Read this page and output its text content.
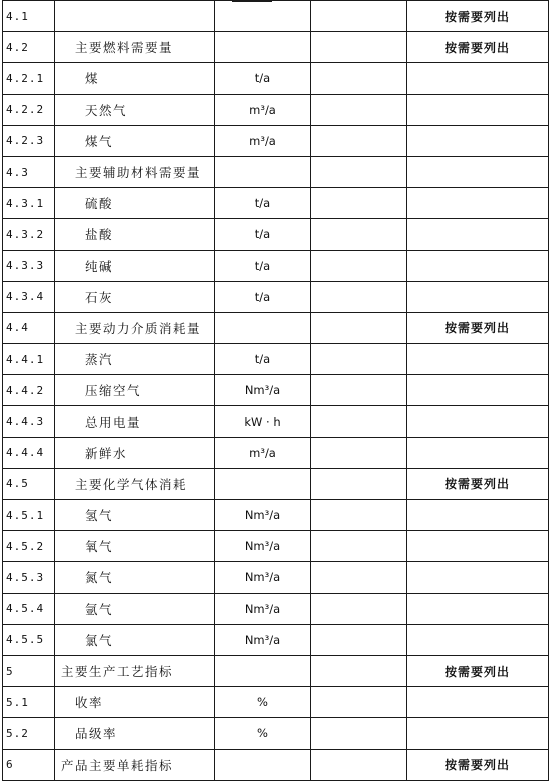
4.1				按需要列出
4.2	主要燃料需要量			按需要列出
4.2.1	煤	t/a		
4.2.2	天然气	m³/a		
4.2.3	煤气	m³/a		
4.3	主要辅助材料需要量			
4.3.1	硫酸	t/a		
4.3.2	盐酸	t/a		
4.3.3	纯碱	t/a		
4.3.4	石灰	t/a		
4.4	主要动力介质消耗量			按需要列出
4.4.1	蒸汽	t/a		
4.4.2	压缩空气	Nm³/a		
4.4.3	总用电量	kW · h		
4.4.4	新鲜水	m³/a		
4.5	主要化学气体消耗			按需要列出
4.5.1	氢气	Nm³/a		
4.5.2	氧气	Nm³/a		
4.5.3	氮气	Nm³/a		
4.5.4	氩气	Nm³/a		
4.5.5	氯气	Nm³/a		
5	主要生产工艺指标			按需要列出
5.1	收率	%		
5.2	品级率	%		
6	产品主要单耗指标			按需要列出
